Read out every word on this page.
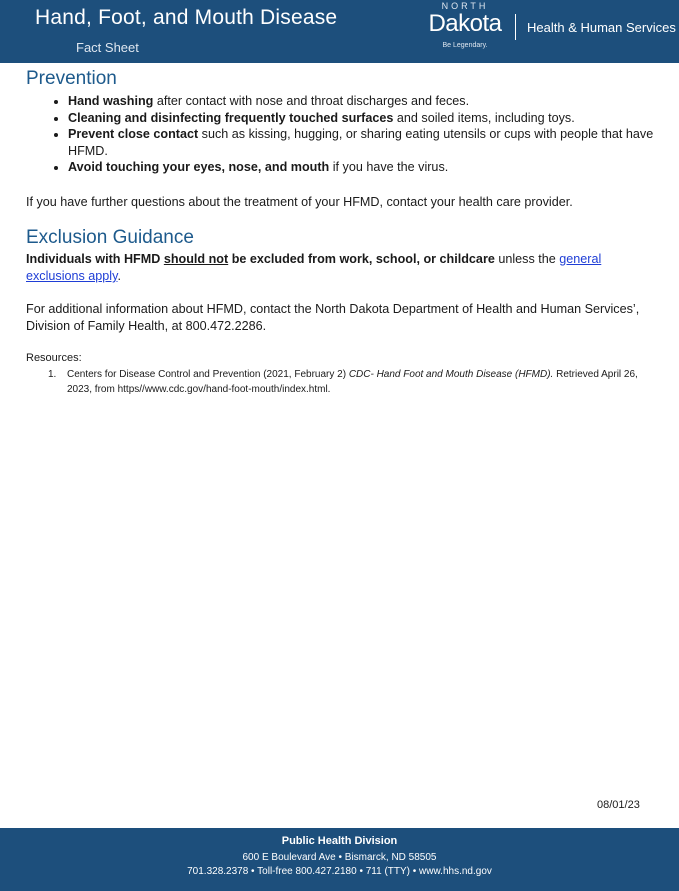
Hand, Foot, and Mouth Disease
Fact Sheet
NORTH
Dakota
Be Legendary.
Health & Human Services
Prevention
• Hand washing after contact with nose and throat discharges and feces.
• Cleaning and disinfecting frequently touched surfaces and soiled items, including toys.
• Prevent close contact such as kissing, hugging, or sharing eating utensils or cups with people that have HFMD.
• Avoid touching your eyes, nose, and mouth if you have the virus.

If you have further questions about the treatment of your HFMD, contact your health care provider.

Exclusion Guidance

Individuals with HFMD should not be excluded from work, school, or childcare unless the general exclusions apply.

For additional information about HFMD, contact the North Dakota Department of Health and Human Services’, Division of Family Health, at 800.472.2286.

Resources:
1. Centers for Disease Control and Prevention (2021, February 2) CDC- Hand Foot and Mouth Disease (HFMD). Retrieved April 26, 2023, from https//www.cdc.gov/hand-foot-mouth/index.html.
08/01/23
Public Health Division
600 E Boulevard Ave • Bismarck, ND 58505
701.328.2378 • Toll-free 800.427.2180 • 711 (TTY) • www.hhs.nd.gov
